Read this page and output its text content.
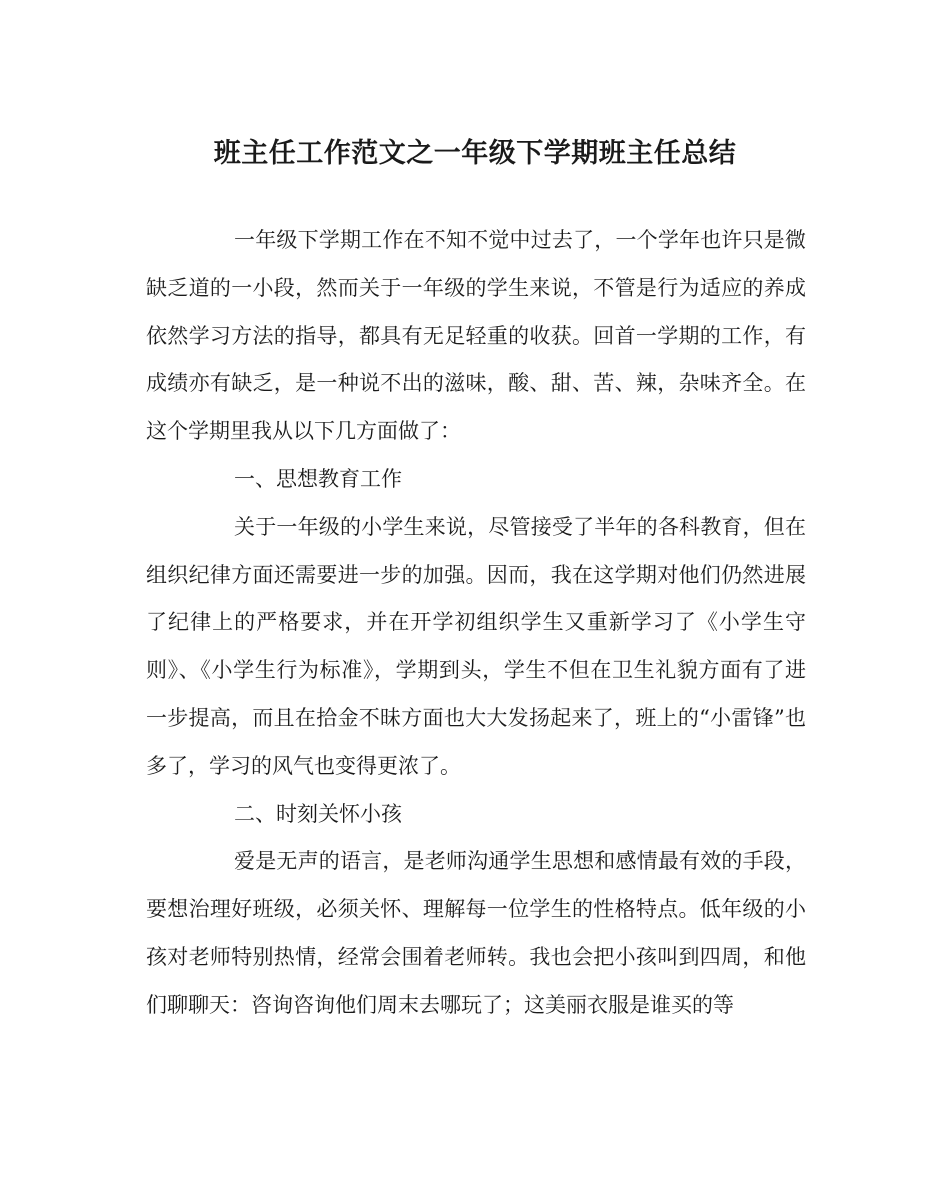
班主任工作范文之一年级下学期班主任总结

一年级下学期工作在不知不觉中过去了，一个学年也许只是微缺乏道的一小段，然而关于一年级的学生来说，不管是行为适应的养成依然学习方法的指导，都具有无足轻重的收获。回首一学期的工作，有成绩亦有缺乏，是一种说不出的滋味，酸、甜、苦、辣，杂味齐全。在这个学期里我从以下几方面做了：

一、思想教育工作

关于一年级的小学生来说，尽管接受了半年的各科教育，但在组织纪律方面还需要进一步的加强。因而，我在这学期对他们仍然进展了纪律上的严格要求，并在开学初组织学生又重新学习了《小学生守则》、《小学生行为标准》，学期到头，学生不但在卫生礼貌方面有了进一步提高，而且在拾金不昧方面也大大发扬起来了，班上的“小雷锋”也多了，学习的风气也变得更浓了。

二、时刻关怀小孩

爱是无声的语言，是老师沟通学生思想和感情最有效的手段，要想治理好班级，必须关怀、理解每一位学生的性格特点。低年级的小孩对老师特别热情，经常会围着老师转。我也会把小孩叫到四周，和他们聊聊天：咨询咨询他们周末去哪玩了；这美丽衣服是谁买的等
